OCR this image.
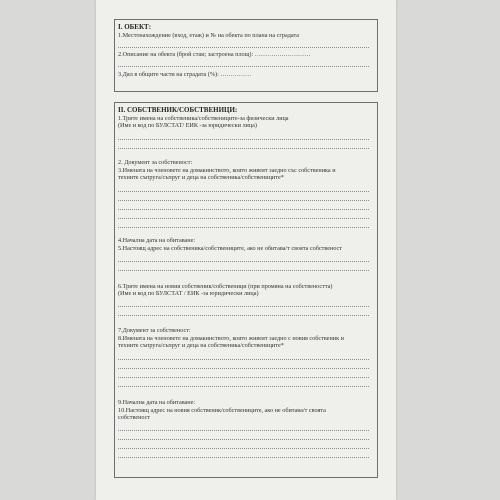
I. ОБЕКТ:
1.Местонахождение (вход, етаж) и № на обекта по плана на сградата
2.Описание на обекта (брой стаи; застроена площ): ………………………
3.Дял в общите части на сградата (%): ……………
II. СОБСТВЕНИК/СОБСТВЕНИЦИ:
1.Трите имена на собственика/собствениците-за физически лица
(Име и код по БУЛСТАТ/ ЕИК -за юридически лица)
2. Документ за собственост:
3.Имената на членовете на домакинството, които живеят заедно със собственика и
техните съпруга/съпруг и деца на собственика/собствениците*
4.Начална дата на обитаване:
5.Настоящ адрес на собственика/собствениците, ако не обитава/т своята собственост
6.Трите имена на новия собственик/собственици (при промяна на собствеността)
(Име и код по БУЛСТАТ / ЕИК -за юридически лица)
7.Документ за собственост:
8.Имената на членовете на домакинството, които живеят заедно с новия собственик и
техните съпруга/съпруг и деца на собственика/собствениците*
9.Начална дата на обитаване:
10.Настоящ адрес на новия собственик/собствениците, ако не обитава/т своята
собственост
